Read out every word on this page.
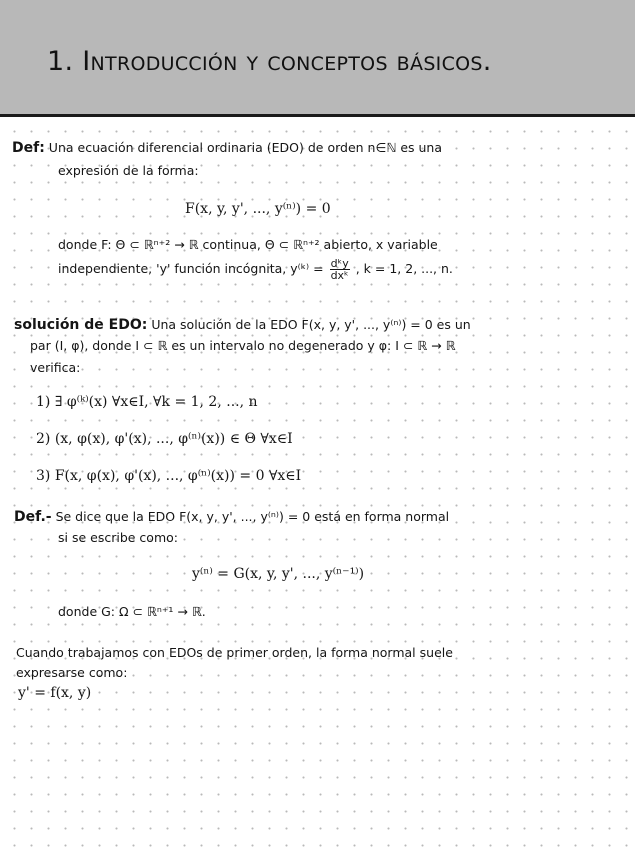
1. Introducción y conceptos básicos.
Def: Una ecuación diferencial ordinaria (EDO) de orden n∈ℕ es una
expresión de la forma:
F(x, y, y', ..., y⁽ⁿ⁾) = 0
donde F: Θ ⊂ ℝⁿ⁺² → ℝ continua, Θ ⊂ ℝⁿ⁺² abierto, x variable
independiente, 'y' función incógnita, y⁽ᵏ⁾ = $\frac{\text{dᵏy}}{\text{dxᵏ}}$ , k = 1, 2, ..., n.
solución de EDO: Una solución de la EDO F(x, y, y', ..., y⁽ⁿ⁾) = 0 es un
par (I, φ), donde I ⊂ ℝ es un intervalo no degenerado y φ: I ⊂ ℝ → ℝ
verifica:
1) ∃ φ⁽ᵏ⁾(x) ∀x∈I, ∀k = 1, 2, ..., n
2) (x, φ(x), φ'(x), ..., φ⁽ⁿ⁾(x)) ∈ Θ ∀x∈I
3) F(x, φ(x), φ'(x), ..., φ⁽ⁿ⁾(x)) = 0 ∀x∈I
Def.- Se dice que la EDO F(x, y, y', ..., y⁽ⁿ⁾) = 0 está en forma normal
si se escribe como:
y⁽ⁿ⁾ = G(x, y, y', ..., y⁽ⁿ⁻¹⁾)
donde G: Ω ⊂ ℝⁿ⁺¹ → ℝ.
Cuando trabajamos con EDOs de primer orden, la forma normal suele
expresarse como:
y' = f(x, y)
